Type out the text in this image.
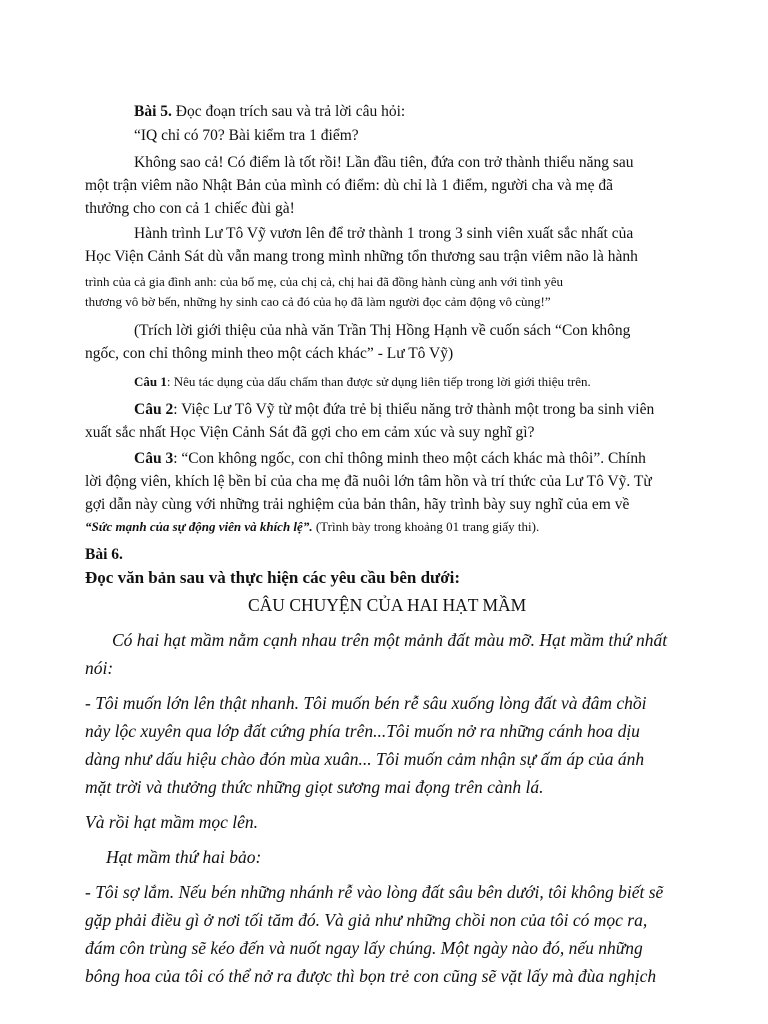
Bài 5. Đọc đoạn trích sau và trả lời câu hỏi:
“IQ chỉ có 70? Bài kiểm tra 1 điểm?
Không sao cả! Có điểm là tốt rồi! Lần đầu tiên, đứa con trở thành thiểu năng sau
một trận viêm não Nhật Bản của mình có điểm: dù chỉ là 1 điểm, người cha và mẹ đã
thưởng cho con cả 1 chiếc đùi gà!
Hành trình Lư Tô Vỹ vươn lên để trở thành 1 trong 3 sinh viên xuất sắc nhất của
Học Viện Cảnh Sát dù vẫn mang trong mình những tổn thương sau trận viêm não là hành
trình của cả gia đình anh: của bố mẹ, của chị cả, chị hai đã đồng hành cùng anh với tình yêu
thương vô bờ bến, những hy sinh cao cả đó của họ đã làm người đọc cảm động vô cùng!”
(Trích lời giới thiệu của nhà văn Trần Thị Hồng Hạnh về cuốn sách “Con không
ngốc, con chỉ thông minh theo một cách khác” - Lư Tô Vỹ)
Câu 1: Nêu tác dụng của dấu chấm than được sử dụng liên tiếp trong lời giới thiệu trên.
Câu 2: Việc Lư Tô Vỹ từ một đứa trẻ bị thiểu năng trở thành một trong ba sinh viên
xuất sắc nhất Học Viện Cảnh Sát đã gợi cho em cảm xúc và suy nghĩ gì?
Câu 3: “Con không ngốc, con chỉ thông minh theo một cách khác mà thôi”. Chính
lời động viên, khích lệ bền bỉ của cha mẹ đã nuôi lớn tâm hồn và trí thức của Lư Tô Vỹ. Từ
gợi dẫn này cùng với những trải nghiệm của bản thân, hãy trình bày suy nghĩ của em về
“Sức mạnh của sự động viên và khích lệ”. (Trình bày trong khoảng 01 trang giấy thi).
Bài 6.
Đọc văn bản sau và thực hiện các yêu cầu bên dưới:
CÂU CHUYỆN CỦA HAI HẠT MẦM
Có hai hạt mầm nằm cạnh nhau trên một mảnh đất màu mỡ. Hạt mầm thứ nhất
nói:
- Tôi muốn lớn lên thật nhanh. Tôi muốn bén rễ sâu xuống lòng đất và đâm chồi
nảy lộc xuyên qua lớp đất cứng phía trên...Tôi muốn nở ra những cánh hoa dịu
dàng như dấu hiệu chào đón mùa xuân... Tôi muốn cảm nhận sự ấm áp của ánh
mặt trời và thưởng thức những giọt sương mai đọng trên cành lá.
Và rồi hạt mầm mọc lên.
Hạt mầm thứ hai bảo:
- Tôi sợ lắm. Nếu bén những nhánh rễ vào lòng đất sâu bên dưới, tôi không biết sẽ
gặp phải điều gì ở nơi tối tăm đó. Và giả như những chồi non của tôi có mọc ra,
đám côn trùng sẽ kéo đến và nuốt ngay lấy chúng. Một ngày nào đó, nếu những
bông hoa của tôi có thể nở ra được thì bọn trẻ con cũng sẽ vặt lấy mà đùa nghịch
